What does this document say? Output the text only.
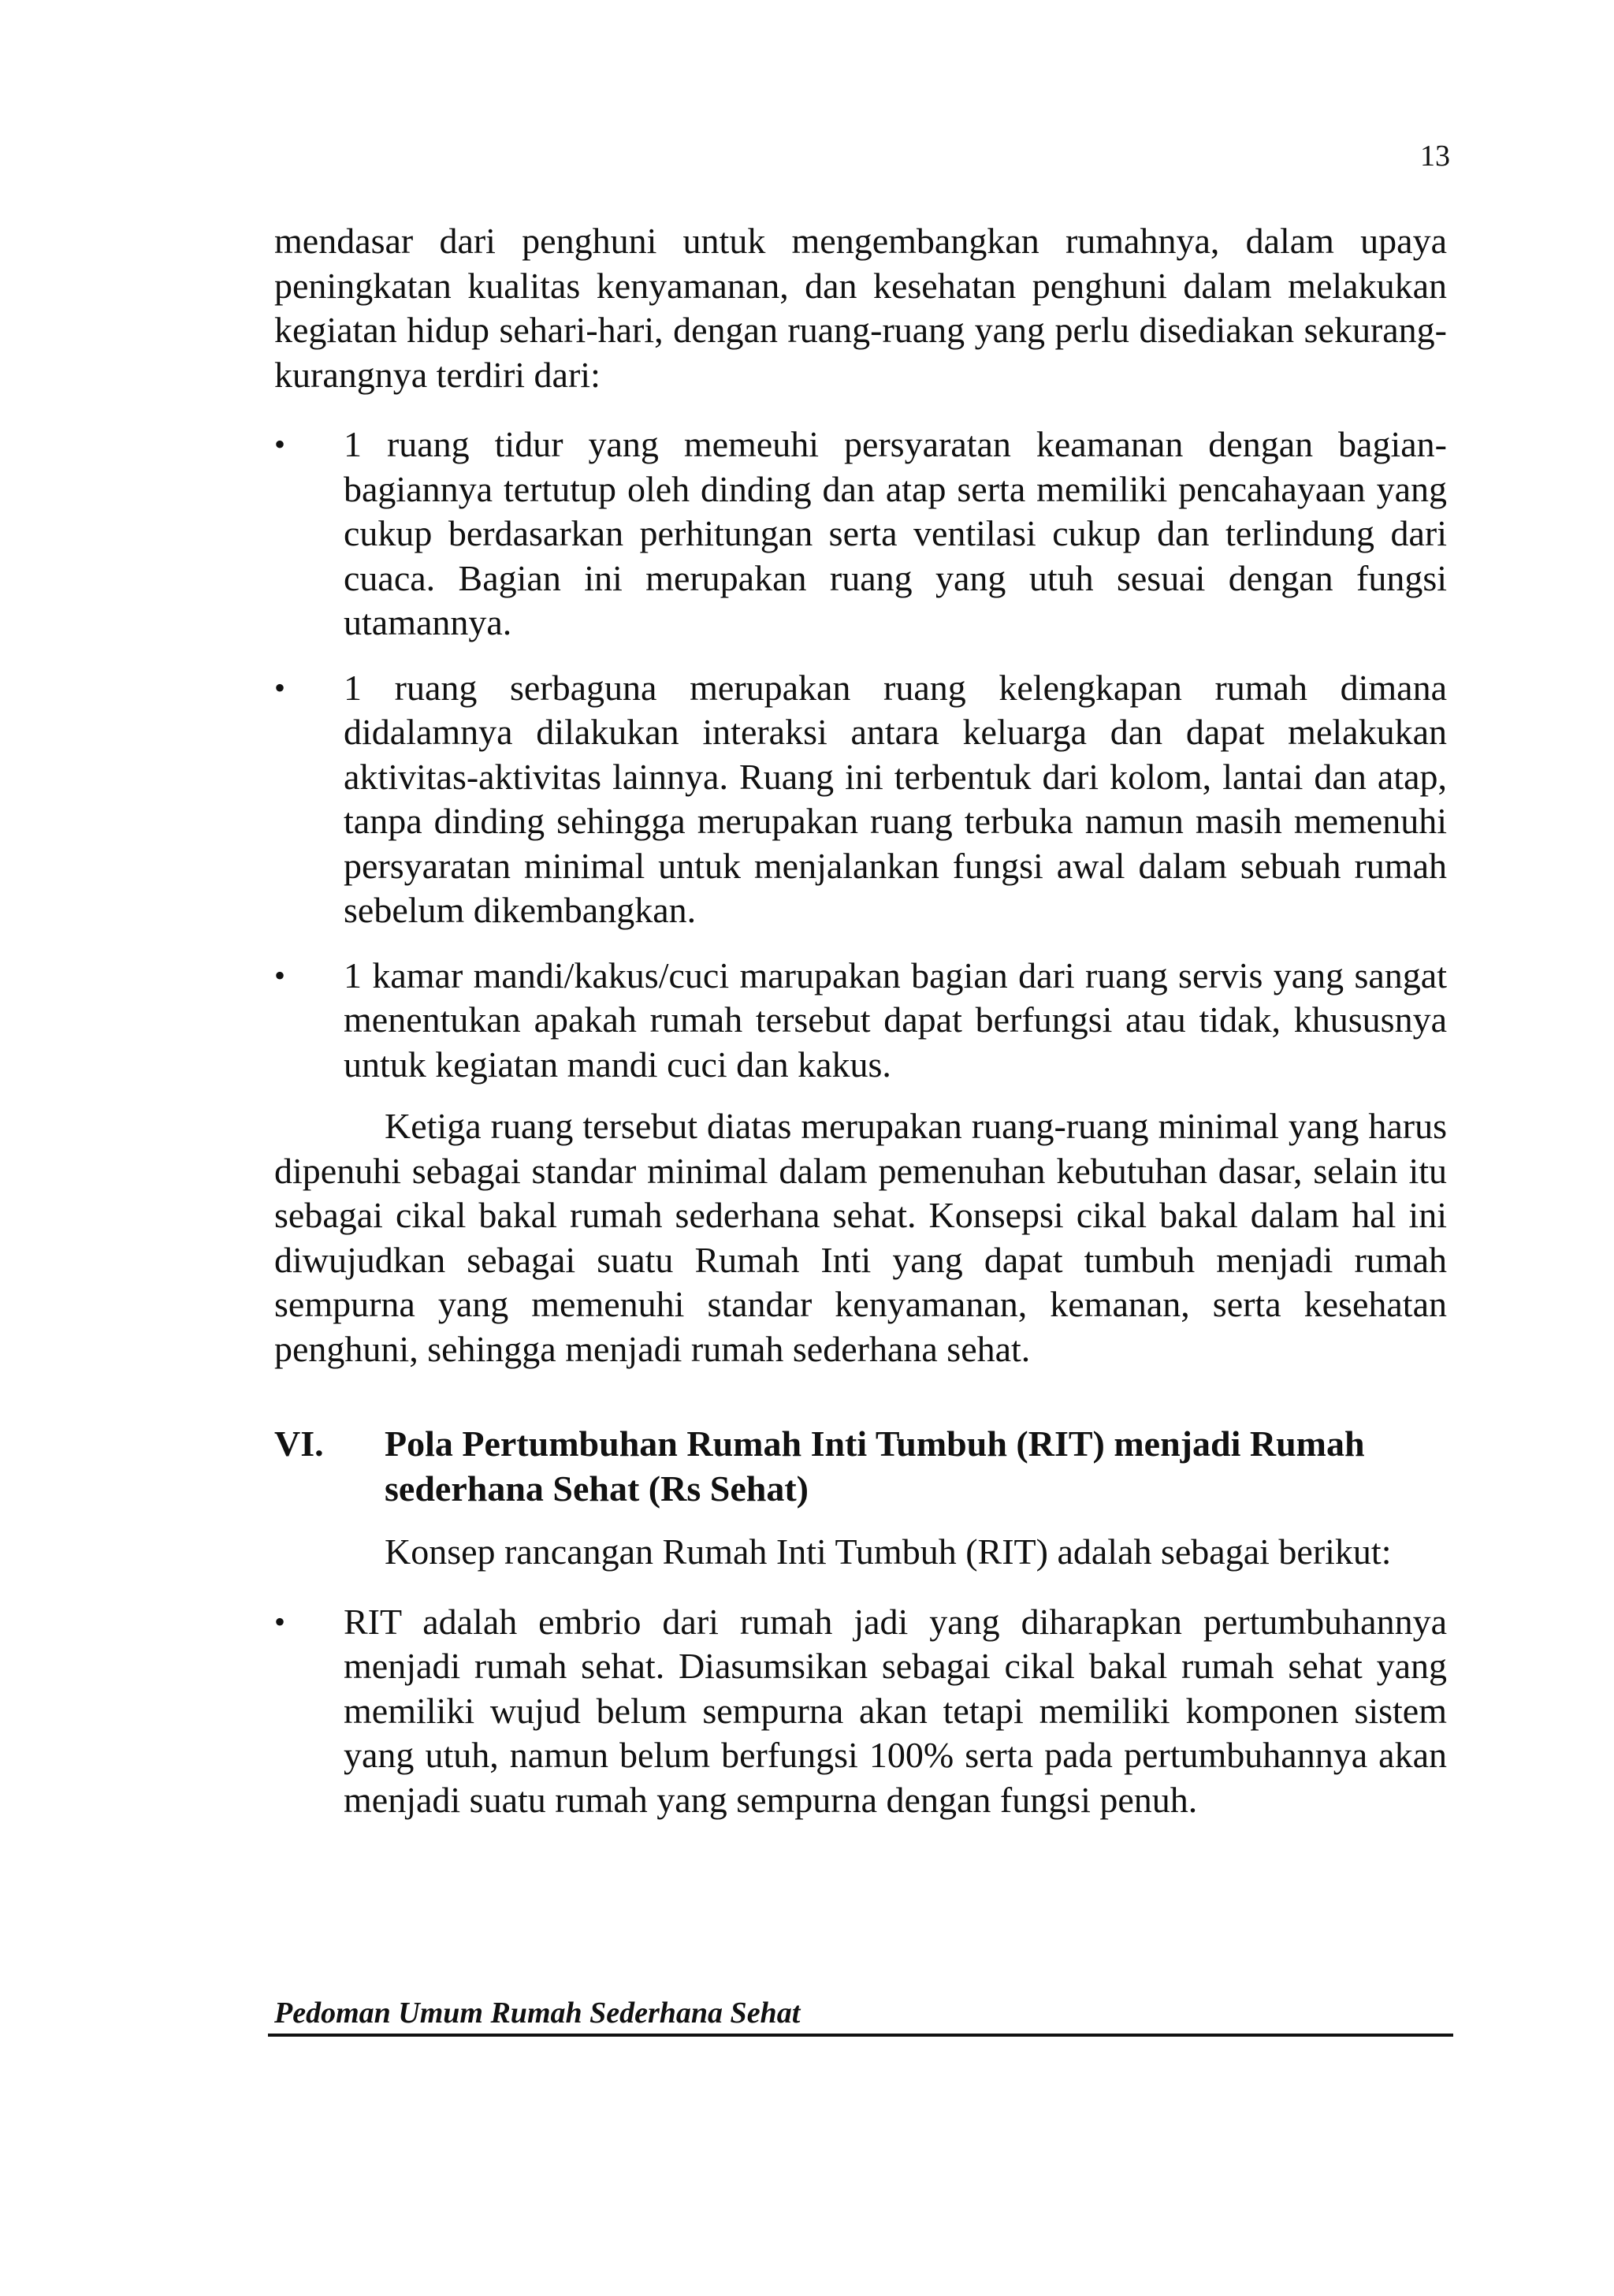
13

mendasar dari penghuni untuk mengembangkan rumahnya, dalam upaya peningkatan kualitas kenyamanan, dan kesehatan penghuni dalam melakukan kegiatan hidup sehari-hari, dengan ruang-ruang yang perlu disediakan sekurang-kurangnya terdiri dari:

•	1 ruang tidur yang memeuhi persyaratan keamanan dengan bagian-bagiannya tertutup oleh dinding dan atap serta memiliki pencahayaan yang cukup berdasarkan perhitungan serta ventilasi cukup dan terlindung dari cuaca. Bagian ini merupakan ruang yang utuh sesuai dengan fungsi utamannya.
•	1 ruang serbaguna merupakan ruang kelengkapan rumah dimana didalamnya dilakukan interaksi antara keluarga dan dapat melakukan aktivitas-aktivitas lainnya. Ruang ini terbentuk dari kolom, lantai dan atap, tanpa dinding sehingga merupakan ruang terbuka namun masih memenuhi persyaratan minimal untuk menjalankan fungsi awal dalam sebuah rumah sebelum dikembangkan.
•	1 kamar mandi/kakus/cuci marupakan bagian dari ruang servis yang sangat menentukan apakah rumah tersebut dapat berfungsi atau tidak, khususnya untuk kegiatan mandi cuci dan kakus.

Ketiga ruang tersebut diatas merupakan ruang-ruang minimal yang harus dipenuhi sebagai standar minimal dalam pemenuhan kebutuhan dasar, selain itu sebagai cikal bakal rumah sederhana sehat. Konsepsi cikal bakal dalam hal ini diwujudkan sebagai suatu Rumah Inti yang dapat tumbuh menjadi rumah sempurna yang memenuhi standar kenyamanan, kemanan, serta kesehatan penghuni, sehingga menjadi rumah sederhana sehat.

VI.	Pola Pertumbuhan Rumah Inti Tumbuh (RIT) menjadi Rumah sederhana Sehat (Rs Sehat)

Konsep rancangan Rumah Inti Tumbuh (RIT) adalah sebagai berikut:

•	RIT adalah embrio dari rumah jadi yang diharapkan pertumbuhannya menjadi rumah sehat. Diasumsikan sebagai cikal bakal rumah sehat yang memiliki wujud belum sempurna akan tetapi memiliki komponen sistem yang utuh, namun belum berfungsi 100% serta pada pertumbuhannya akan menjadi suatu rumah yang sempurna dengan fungsi penuh.
Pedoman Umum Rumah Sederhana Sehat
